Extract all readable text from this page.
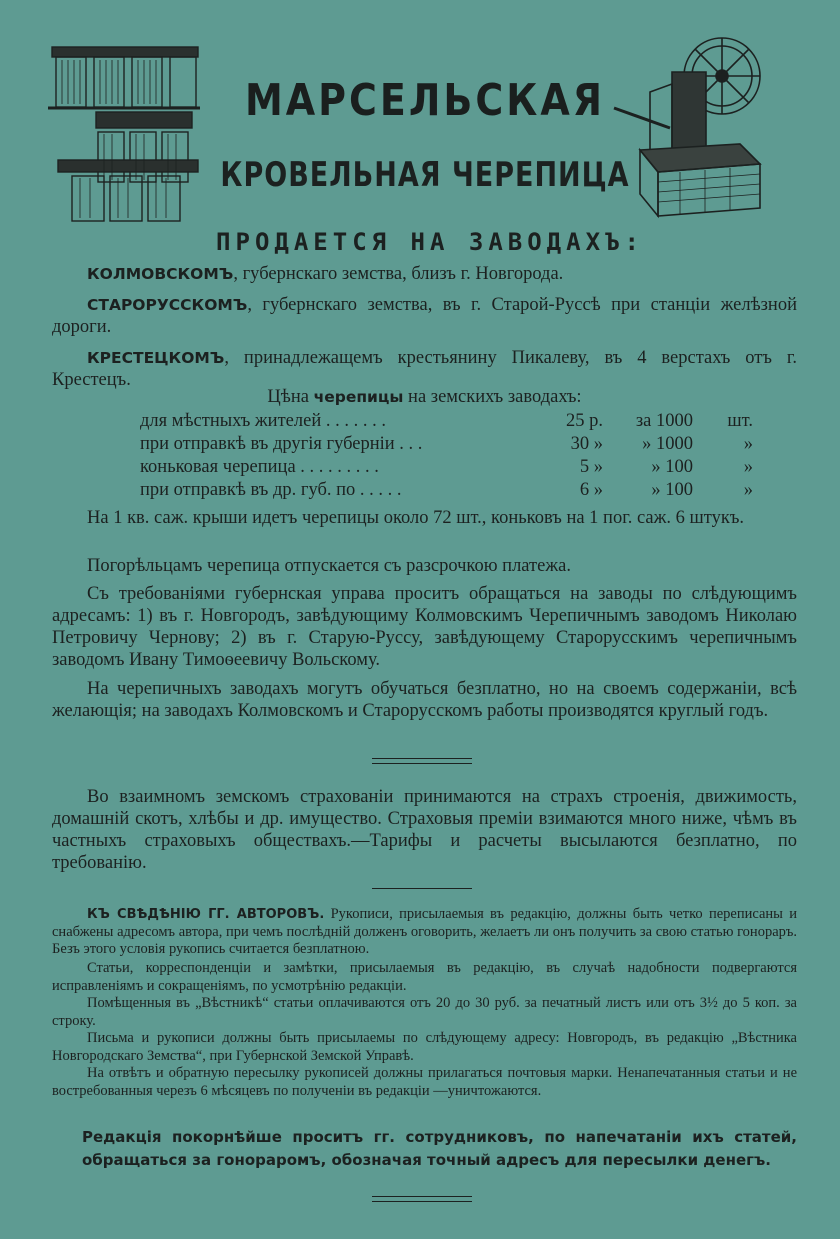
МАРСЕЛЬСКАЯ
КРОВЕЛЬНАЯ ЧЕРЕПИЦА
ПРОДАЕТСЯ НА ЗАВОДАХЪ:

КОЛМОВСКОМЪ, губернскаго земства, близъ г. Новгорода.

СТАРОРУССКОМЪ, губернскаго земства, въ г. Старой-Руссѣ при станціи желѣзной дороги.

КРЕСТЕЦКОМЪ, принадлежащемъ крестьянину Пикалеву, въ 4 верстахъ отъ г. Крестецъ.

Цѣна черепицы на земскихъ заводахъ:
для мѣстныхъ жителей . . . . . . .	25 р.	за 1000	шт.
при отправкѣ въ другія губерніи . . .	30 »	» 1000	»
коньковая черепица . . . . . . . . .	5 »	» 100	»
при отправкѣ въ др. губ. по . . . . .	6 »	» 100	»

На 1 кв. саж. крыши идетъ черепицы около 72 шт., коньковъ на 1 пог. саж. 6 штукъ.

Погорѣльцамъ черепица отпускается съ разсрочкою платежа.

Съ требованіями губернская управа проситъ обращаться на заводы по слѣдующимъ адресамъ: 1) въ г. Новгородъ, завѣдующиму Колмовскимъ Черепичнымъ заводомъ Николаю Петровичу Чернову; 2) въ г. Старую-Руссу, завѣдующему Старорусскимъ черепичнымъ заводомъ Ивану Тимоѳеевичу Вольскому.

На черепичныхъ заводахъ могутъ обучаться безплатно, но на своемъ содержаніи, всѣ желающія; на заводахъ Колмовскомъ и Старорусскомъ работы производятся круглый годъ.

Во взаимномъ земскомъ страхованіи принимаются на страхъ строенія, движимость, домашній скотъ, хлѣбы и др. имущество. Страховыя преміи взимаются много ниже, чѣмъ въ частныхъ страховыхъ обществахъ.—Тарифы и расчеты высылаются безплатно, по требованію.

КЪ СВѢДѢНІЮ ГГ. АВТОРОВЪ. Рукописи, присылаемыя въ редакцію, должны быть четко переписаны и снабжены адресомъ автора, при чемъ послѣдній долженъ оговорить, желаетъ ли онъ получить за свою статью гонораръ. Безъ этого условія рукопись считается безплатною.

Статьи, корреспонденціи и замѣтки, присылаемыя въ редакцію, въ случаѣ надобности подвергаются исправленіямъ и сокращеніямъ, по усмотрѣнію редакціи.

Помѣщенныя въ „Вѣстникѣ“ статьи оплачиваются отъ 20 до 30 руб. за печатный листъ или отъ 3½ до 5 коп. за строку.

Письма и рукописи должны быть присылаемы по слѣдующему адресу: Новгородъ, въ редакцію „Вѣстника Новгородскаго Земства“, при Губернской Земской Управѣ.

На отвѣтъ и обратную пересылку рукописей должны прилагаться почтовыя марки. Ненапечатанныя статьи и не востребованныя черезъ 6 мѣсяцевъ по полученіи въ редакціи —уничтожаются.

Редакція покорнѣйше проситъ гг. сотрудниковъ, по напечатаніи ихъ статей, обращаться за гонораромъ, обозначая точный адресъ для пересылки денегъ.
